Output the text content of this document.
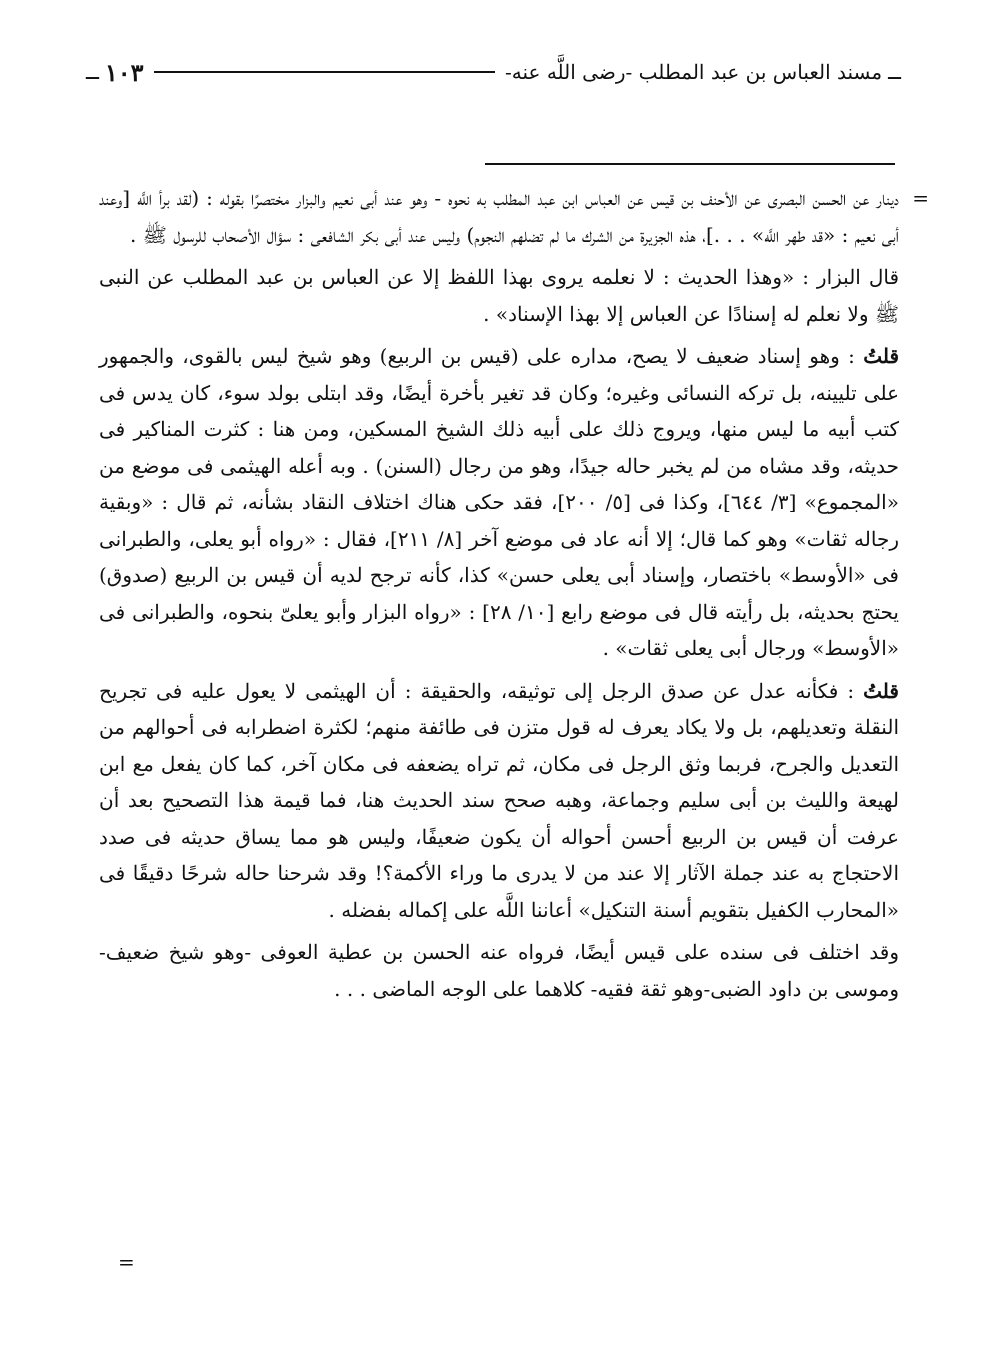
ــ
مسند العباس بن عبد المطلب -رضى اللَّه عنه-
١٠٣
ــ

=
دينار عن الحسن البصرى عن الأحنف بن قيس عن العباس ابن عبد المطلب به نحوه - وهو عند أبى نعيم والبزار مختصرًا بقوله : (لقد برأ اللَّه [وعند أبى نعيم : «قد طهر اللَّه» . . .]، هذه الجزيرة من الشرك ما لم تضلهم النجوم) وليس عند أبى بكر الشافعى : سؤال الأصحاب للرسول ﷺ .

قال البزار : «وهذا الحديث : لا نعلمه يروى بهذا اللفظ إلا عن العباس بن عبد المطلب عن النبى ﷺ ولا نعلم له إسنادًا عن العباس إلا بهذا الإسناد» .

قلتُ : وهو إسناد ضعيف لا يصح، مداره على (قيس بن الربيع) وهو شيخ ليس بالقوى، والجمهور على تليينه، بل تركه النسائى وغيره؛ وكان قد تغير بأخرة أيضًا، وقد ابتلى بولد سوء، كان يدس فى كتب أبيه ما ليس منها، ويروج ذلك على أبيه ذلك الشيخ المسكين، ومن هنا : كثرت المناكير فى حديثه، وقد مشاه من لم يخبر حاله جيدًا، وهو من رجال (السنن) . وبه أعله الهيثمى فى موضع من «المجموع» [٣/ ٦٤٤]، وكذا فى [٥/ ٢٠٠]، فقد حكى هناك اختلاف النقاد بشأنه، ثم قال : «وبقية رجاله ثقات» وهو كما قال؛ إلا أنه عاد فى موضع آخر [٨/ ٢١١]، فقال : «رواه أبو يعلى، والطبرانى فى «الأوسط» باختصار، وإسناد أبى يعلى حسن» كذا، كأنه ترجح لديه أن قيس بن الربيع (صدوق) يحتج بحديثه، بل رأيته قال فى موضع رابع [١٠/ ٢٨] : «رواه البزار وأبو يعلىّ بنحوه، والطبرانى فى «الأوسط» ورجال أبى يعلى ثقات» .

قلتُ : فكأنه عدل عن صدق الرجل إلى توثيقه، والحقيقة : أن الهيثمى لا يعول عليه فى تجريح النقلة وتعديلهم، بل ولا يكاد يعرف له قول متزن فى طائفة منهم؛ لكثرة اضطرابه فى أحوالهم من التعديل والجرح، فربما وثق الرجل فى مكان، ثم تراه يضعفه فى مكان آخر، كما كان يفعل مع ابن لهيعة والليث بن أبى سليم وجماعة، وهبه صحح سند الحديث هنا، فما قيمة هذا التصحيح بعد أن عرفت أن قيس بن الربيع أحسن أحواله أن يكون ضعيفًا، وليس هو مما يساق حديثه فى صدد الاحتجاج به عند جملة الآثار إلا عند من لا يدرى ما وراء الأكمة؟! وقد شرحنا حاله شرحًا دقيقًا فى «المحارب الكفيل بتقويم أسنة التنكيل» أعاننا اللَّه على إكماله بفضله .

وقد اختلف فى سنده على قيس أيضًا، فرواه عنه الحسن بن عطية العوفى -وهو شيخ ضعيف- وموسى بن داود الضبى-وهو ثقة فقيه- كلاهما على الوجه الماضى . . .

=
